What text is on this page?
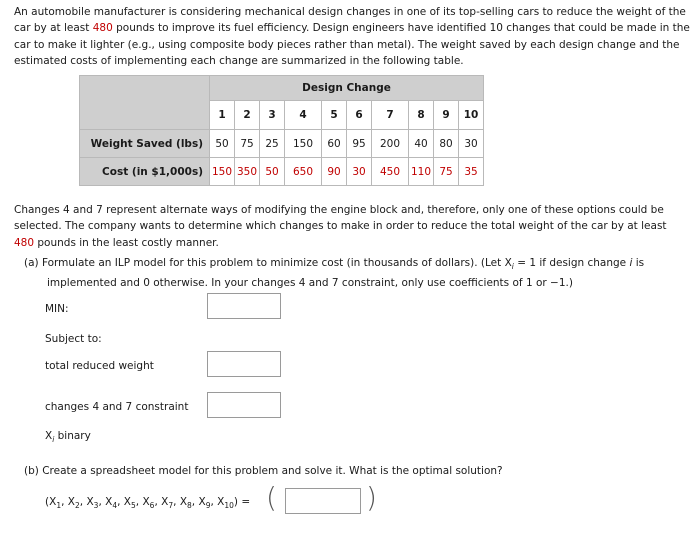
An automobile manufacturer is considering mechanical design changes in one of its top-selling cars to reduce the weight of the car by at least 480 pounds to improve its fuel efficiency. Design engineers have identified 10 changes that could be made in the car to make it lighter (e.g., using composite body pieces rather than metal). The weight saved by each design change and the estimated costs of implementing each change are summarized in the following table.
	Design Change									
	1	2	3	4	5	6	7	8	9	10
Weight Saved (lbs)	50	75	25	150	60	95	200	40	80	30
Cost (in $1,000s)	150	350	50	650	90	30	450	110	75	35
Changes 4 and 7 represent alternate ways of modifying the engine block and, therefore, only one of these options could be selected. The company wants to determine which changes to make in order to reduce the total weight of the car by at least 480 pounds in the least costly manner.
(a) Formulate an ILP model for this problem to minimize cost (in thousands of dollars). (Let $X_i = 1$ if design change i is
implemented and 0 otherwise. In your changes 4 and 7 constraint, only use coefficients of 1 or −1.)
MIN:
Subject to:
total reduced weight
changes 4 and 7 constraint
$X_i$ binary
(b) Create a spreadsheet model for this problem and solve it. What is the optimal solution?
($X_1$, $X_2$, $X_3$, $X_4$, $X_5$, $X_6$, $X_7$, $X_8$, $X_9$, $X_{10}$) = (	)
